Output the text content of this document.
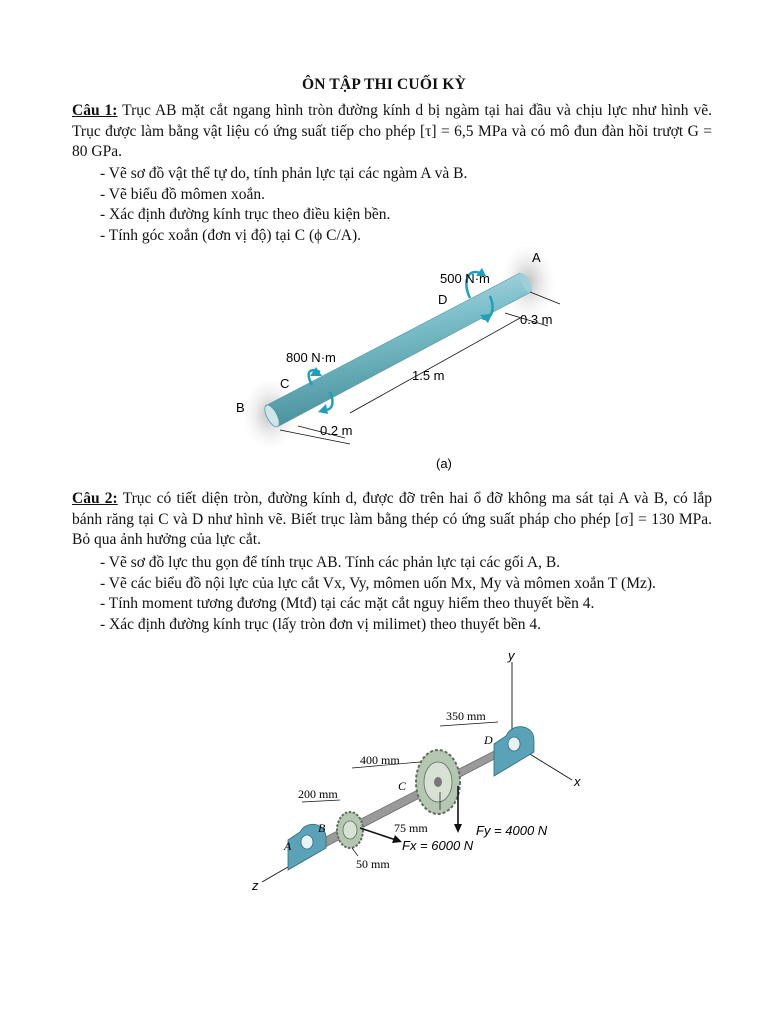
ÔN TẬP THI CUỐI KỲ
Câu 1: Trục AB mặt cắt ngang hình tròn đường kính d bị ngàm tại hai đầu và chịu lực như hình vẽ. Trục được làm bằng vật liệu có ứng suất tiếp cho phép [τ] = 6,5 MPa và có mô đun đàn hồi trượt G = 80 GPa.
- Vẽ sơ đồ vật thể tự do, tính phản lực tại các ngàm A và B.
- Vẽ biểu đồ mômen xoắn.
- Xác định đường kính trục theo điều kiện bền.
- Tính góc xoắn (đơn vị độ) tại C (ϕ C/A).
A
D
500 N·m
0.3 m
1.5 m
800 N·m
C
B
0.2 m
(a)
Câu 2: Trục có tiết diện tròn, đường kính d, được đỡ trên hai ổ đỡ không ma sát tại A và B, có lắp bánh răng tại C và D như hình vẽ. Biết trục làm bằng thép có ứng suất pháp cho phép [σ] = 130 MPa. Bỏ qua ảnh hưởng của lực cắt.
- Vẽ sơ đồ lực thu gọn để tính trục AB. Tính các phản lực tại các gối A, B.
- Vẽ các biểu đồ nội lực của lực cắt Vx, Vy, mômen uốn Mx, My và mômen xoắn T (Mz).
- Tính moment tương đương (Mtđ) tại các mặt cắt nguy hiểm theo thuyết bền 4.
- Xác định đường kính trục (lấy tròn đơn vị milimet) theo thuyết bền 4.
y
x
z
350 mm
400 mm
200 mm
75 mm
50 mm
D
C
B
A
Fy = 4000 N
Fx = 6000 N
